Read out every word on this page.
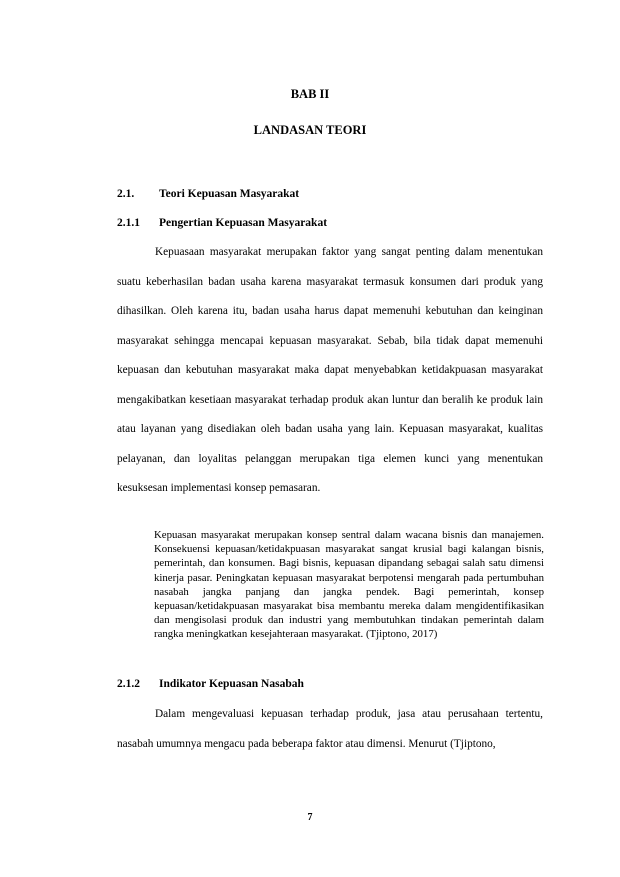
BAB II
LANDASAN TEORI
2.1. Teori Kepuasan Masyarakat
2.1.1 Pengertian Kepuasan Masyarakat

Kepuasaan masyarakat merupakan faktor yang sangat penting dalam menentukan suatu keberhasilan badan usaha karena masyarakat termasuk konsumen dari produk yang dihasilkan. Oleh karena itu, badan usaha harus dapat memenuhi kebutuhan dan keinginan masyarakat sehingga mencapai kepuasan masyarakat. Sebab, bila tidak dapat memenuhi kepuasan dan kebutuhan masyarakat maka dapat menyebabkan ketidakpuasan masyarakat mengakibatkan kesetiaan masyarakat terhadap produk akan luntur dan beralih ke produk lain atau layanan yang disediakan oleh badan usaha yang lain. Kepuasan masyarakat, kualitas pelayanan, dan loyalitas pelanggan merupakan tiga elemen kunci yang menentukan kesuksesan implementasi konsep pemasaran.

Kepuasan masyarakat merupakan konsep sentral dalam wacana bisnis dan manajemen. Konsekuensi kepuasan/ketidakpuasan masyarakat sangat krusial bagi kalangan bisnis, pemerintah, dan konsumen. Bagi bisnis, kepuasan dipandang sebagai salah satu dimensi kinerja pasar. Peningkatan kepuasan masyarakat berpotensi mengarah pada pertumbuhan nasabah jangka panjang dan jangka pendek. Bagi pemerintah, konsep kepuasan/ketidakpuasan masyarakat bisa membantu mereka dalam mengidentifikasikan dan mengisolasi produk dan industri yang membutuhkan tindakan pemerintah dalam rangka meningkatkan kesejahteraan masyarakat. (Tjiptono, 2017)

2.1.2 Indikator Kepuasan Nasabah

Dalam mengevaluasi kepuasan terhadap produk, jasa atau perusahaan tertentu, nasabah umumnya mengacu pada beberapa faktor atau dimensi. Menurut (Tjiptono,

7
